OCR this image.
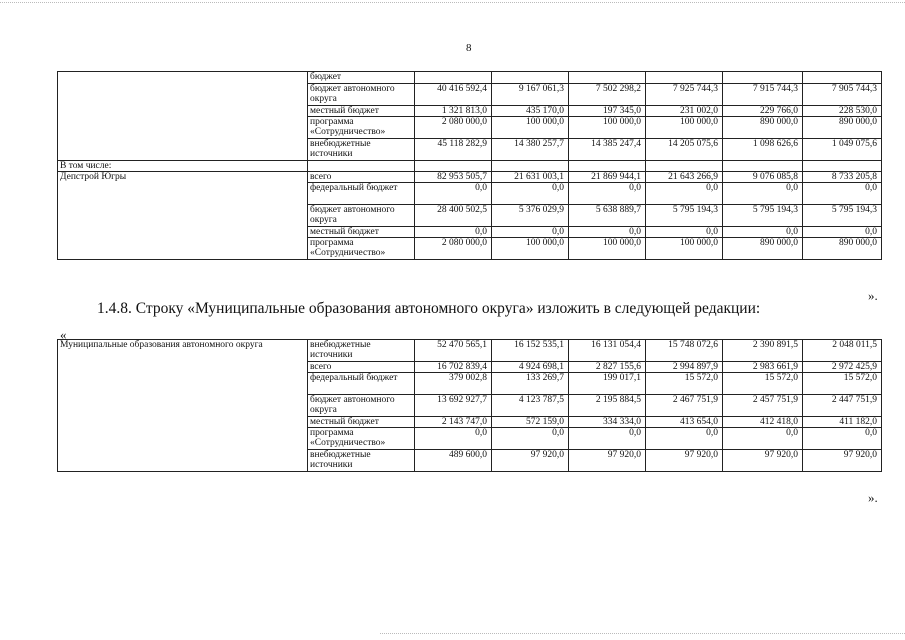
8
	бюджет						
	бюджет автономного округа	40 416 592,4	9 167 061,3	7 502 298,2	7 925 744,3	7 915 744,3	7 905 744,3
	местный бюджет	1 321 813,0	435 170,0	197 345,0	231 002,0	229 766,0	228 530,0
	программа «Сотрудничество»	2 080 000,0	100 000,0	100 000,0	100 000,0	890 000,0	890 000,0
	внебюджетные источники	45 118 282,9	14 380 257,7	14 385 247,4	14 205 075,6	1 098 626,6	1 049 075,6
В том числе:							
Депстрой Югры	всего	82 953 505,7	21 631 003,1	21 869 944,1	21 643 266,9	9 076 085,8	8 733 205,8
	федеральный бюджет	0,0	0,0	0,0	0,0	0,0	0,0
	бюджет автономного округа	28 400 502,5	5 376 029,9	5 638 889,7	5 795 194,3	5 795 194,3	5 795 194,3
	местный бюджет	0,0	0,0	0,0	0,0	0,0	0,0
	программа «Сотрудничество»	2 080 000,0	100 000,0	100 000,0	100 000,0	890 000,0	890 000,0
».
1.4.8. Строку «Муниципальные образования автономного округа» изложить в следующей редакции:
«
Муниципальные образования автономного округа	внебюджетные источники	52 470 565,1	16 152 535,1	16 131 054,4	15 748 072,6	2 390 891,5	2 048 011,5
	всего	16 702 839,4	4 924 698,1	2 827 155,6	2 994 897,9	2 983 661,9	2 972 425,9
	федеральный бюджет	379 002,8	133 269,7	199 017,1	15 572,0	15 572,0	15 572,0
	бюджет автономного округа	13 692 927,7	4 123 787,5	2 195 884,5	2 467 751,9	2 457 751,9	2 447 751,9
	местный бюджет	2 143 747,0	572 159,0	334 334,0	413 654,0	412 418,0	411 182,0
	программа «Сотрудничество»	0,0	0,0	0,0	0,0	0,0	0,0
	внебюджетные источники	489 600,0	97 920,0	97 920,0	97 920,0	97 920,0	97 920,0
».
